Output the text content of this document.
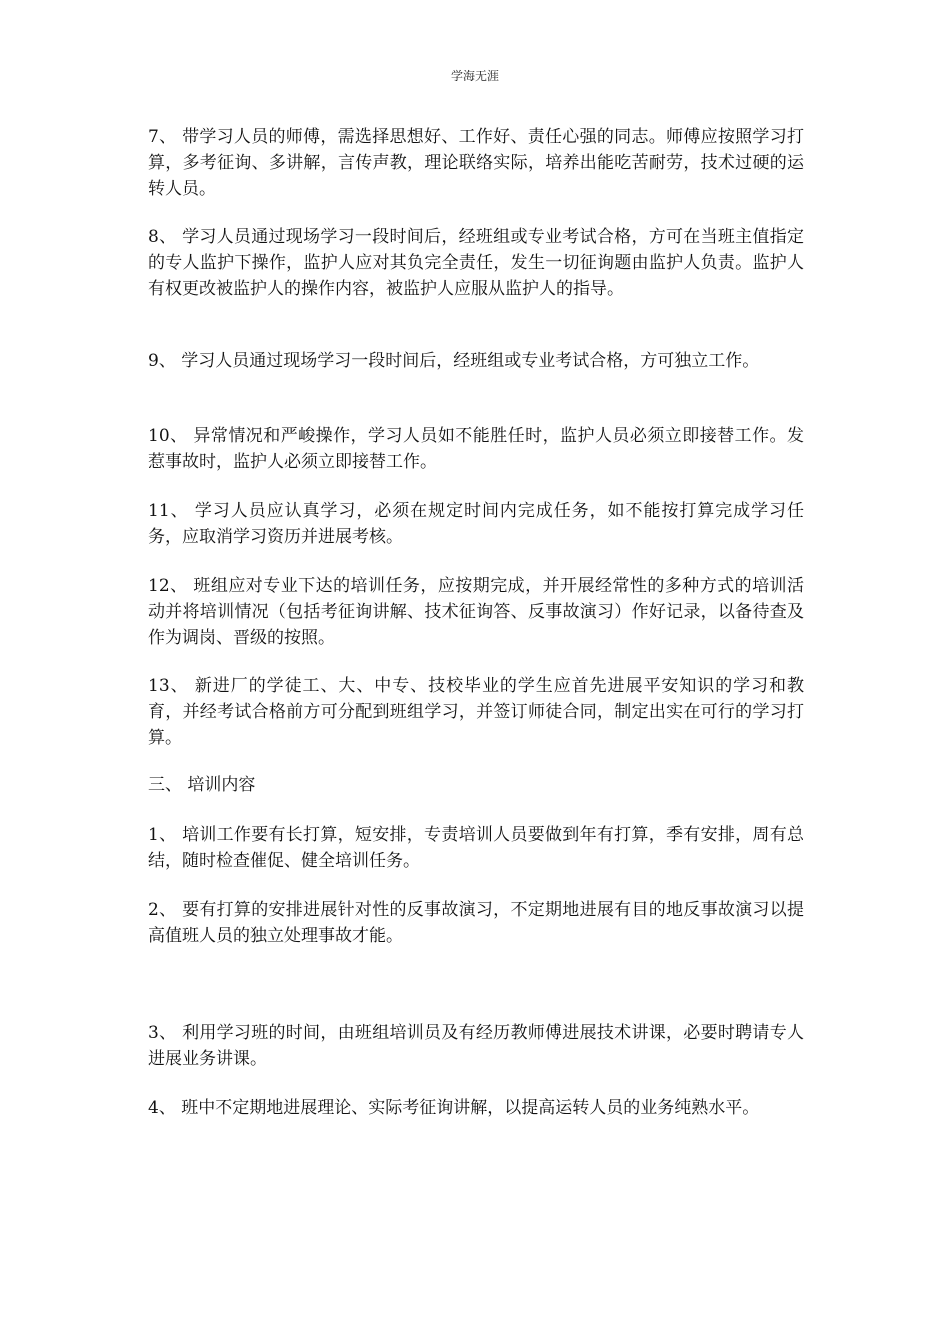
学海无涯

7、 带学习人员的师傅，需选择思想好、工作好、责任心强的同志。师傅应按照学习打算，多考征询、多讲解，言传声教，理论联络实际，培养出能吃苦耐劳，技术过硬的运转人员。

8、 学习人员通过现场学习一段时间后，经班组或专业考试合格，方可在当班主值指定的专人监护下操作，监护人应对其负完全责任，发生一切征询题由监护人负责。监护人有权更改被监护人的操作内容，被监护人应服从监护人的指导。

9、 学习人员通过现场学习一段时间后，经班组或专业考试合格，方可独立工作。

10、 异常情况和严峻操作，学习人员如不能胜任时，监护人员必须立即接替工作。发惹事故时，监护人必须立即接替工作。

11、 学习人员应认真学习，必须在规定时间内完成任务，如不能按打算完成学习任务，应取消学习资历并进展考核。

12、 班组应对专业下达的培训任务，应按期完成，并开展经常性的多种方式的培训活动并将培训情况（包括考征询讲解、技术征询答、反事故演习）作好记录，以备待查及作为调岗、晋级的按照。

13、 新进厂的学徒工、大、中专、技校毕业的学生应首先进展平安知识的学习和教育，并经考试合格前方可分配到班组学习，并签订师徒合同，制定出实在可行的学习打算。

三、 培训内容

1、 培训工作要有长打算，短安排，专责培训人员要做到年有打算，季有安排，周有总结，随时检查催促、健全培训任务。

2、 要有打算的安排进展针对性的反事故演习，不定期地进展有目的地反事故演习以提高值班人员的独立处理事故才能。

3、 利用学习班的时间，由班组培训员及有经历教师傅进展技术讲课，必要时聘请专人进展业务讲课。

4、 班中不定期地进展理论、实际考征询讲解，以提高运转人员的业务纯熟水平。
